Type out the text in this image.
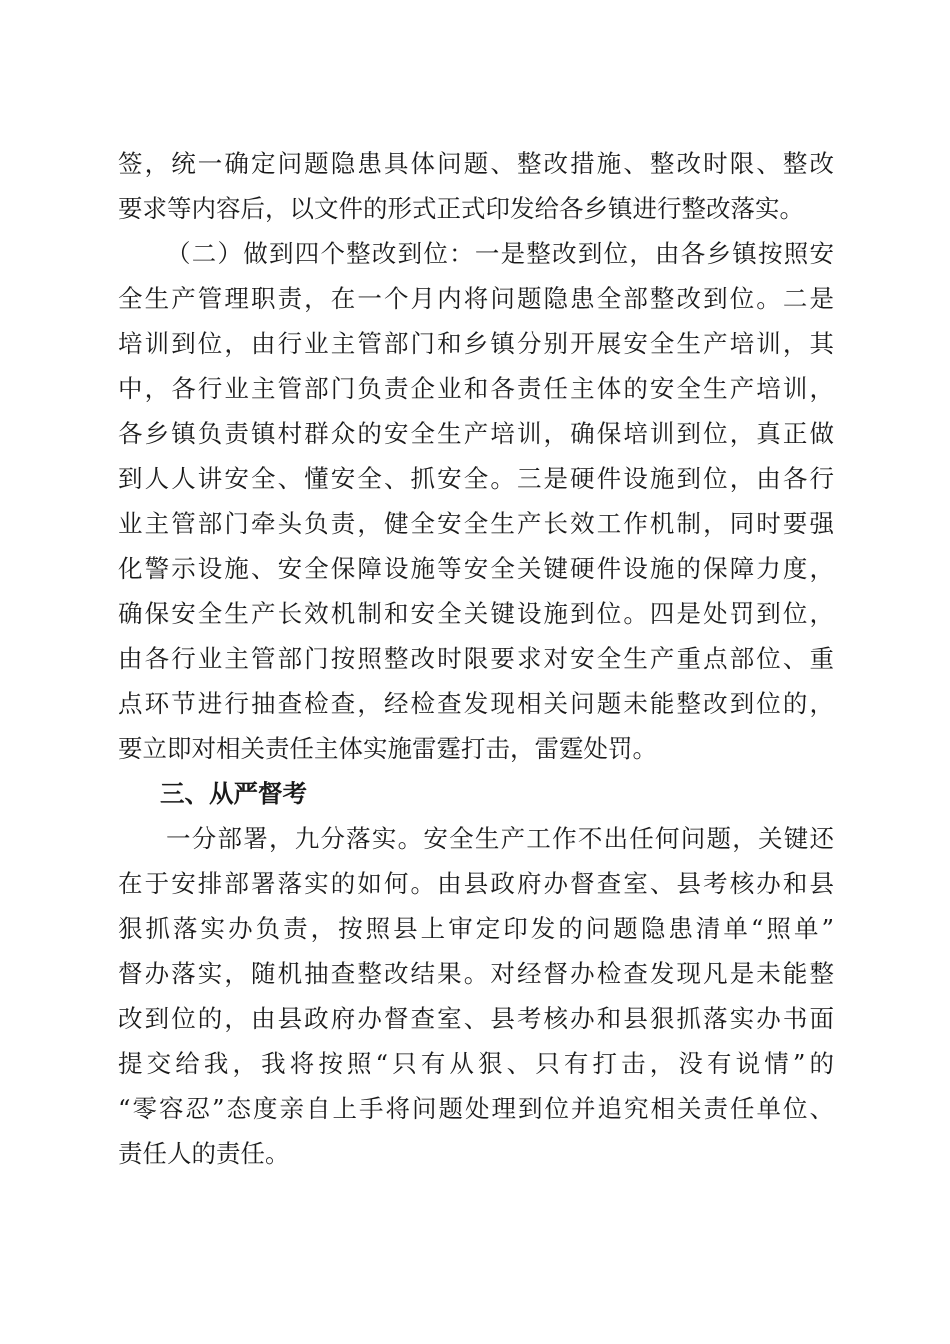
签，统一确定问题隐患具体问题、整改措施、整改时限、整改
要求等内容后，以文件的形式正式印发给各乡镇进行整改落实。
（二）做到四个整改到位：一是整改到位，由各乡镇按照安
全生产管理职责，在一个月内将问题隐患全部整改到位。二是
培训到位，由行业主管部门和乡镇分别开展安全生产培训，其
中，各行业主管部门负责企业和各责任主体的安全生产培训，
各乡镇负责镇村群众的安全生产培训，确保培训到位，真正做
到人人讲安全、懂安全、抓安全。三是硬件设施到位，由各行
业主管部门牵头负责，健全安全生产长效工作机制，同时要强
化警示设施、安全保障设施等安全关键硬件设施的保障力度，
确保安全生产长效机制和安全关键设施到位。四是处罚到位，
由各行业主管部门按照整改时限要求对安全生产重点部位、重
点环节进行抽查检查，经检查发现相关问题未能整改到位的，
要立即对相关责任主体实施雷霆打击，雷霆处罚。
三、从严督考
一分部署，九分落实。安全生产工作不出任何问题，关键还
在于安排部署落实的如何。由县政府办督查室、县考核办和县
狠抓落实办负责，按照县上审定印发的问题隐患清单“照单”
督办落实，随机抽查整改结果。对经督办检查发现凡是未能整
改到位的，由县政府办督查室、县考核办和县狠抓落实办书面
提交给我，我将按照“只有从狠、只有打击，没有说情”的
“零容忍”态度亲自上手将问题处理到位并追究相关责任单位、
责任人的责任。
